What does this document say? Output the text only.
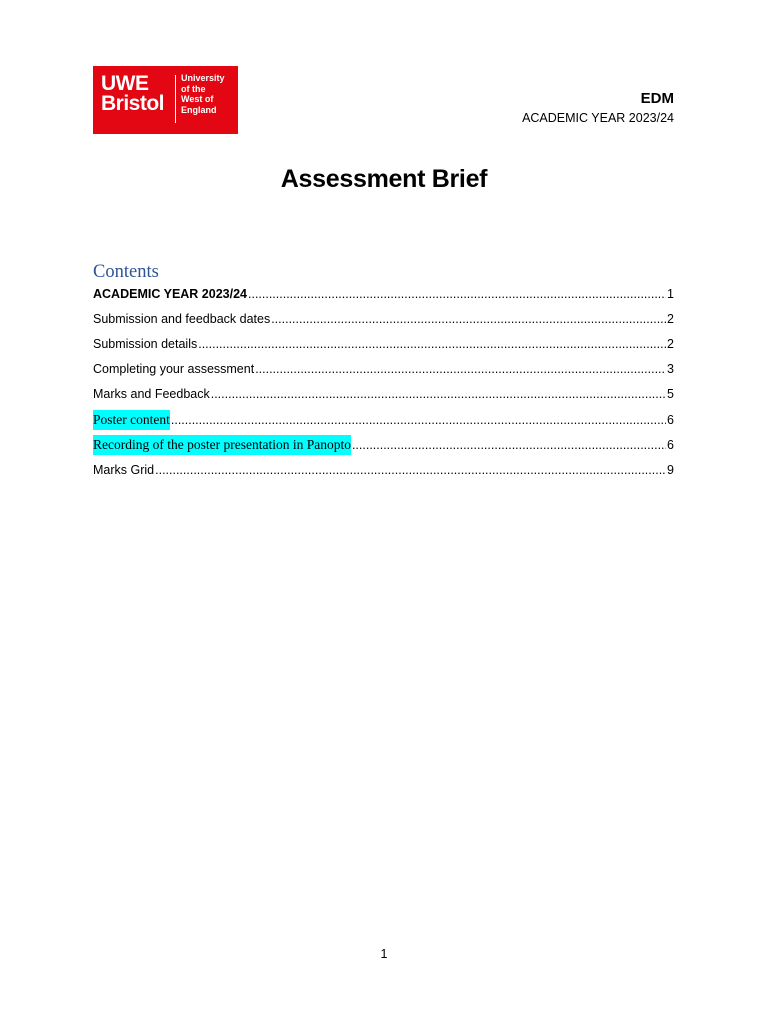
UWE
Bristol
University
of the
West of
England
EDM
ACADEMIC YEAR 2023/24
Assessment Brief
Contents
ACADEMIC YEAR 2023/24 .....	1
Submission and feedback dates .....	2
Submission details .....	2
Completing your assessment .....	3
Marks and Feedback .....	5
Poster content .....	6
Recording of the poster presentation in Panopto .....	6
Marks Grid .....	9
1
